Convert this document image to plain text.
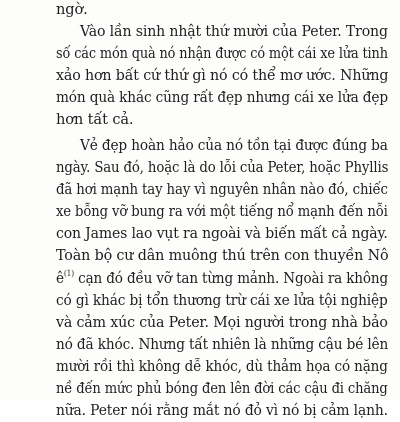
ngờ.
Vào lần sinh nhật thứ mười của Peter. Trong
số các món quà nó nhận được có một cái xe lửa tinh
xảo hơn bất cứ thứ gì nó có thể mơ ước. Những
món quà khác cũng rất đẹp nhưng cái xe lửa đẹp
hơn tất cả.
Vẻ đẹp hoàn hảo của nó tồn tại được đúng ba
ngày. Sau đó, hoặc là do lỗi của Peter, hoặc Phyllis
đã hơi mạnh tay hay vì nguyên nhân nào đó, chiếc
xe bỗng vỡ bung ra với một tiếng nổ mạnh đến nỗi
con James lao vụt ra ngoài và biến mất cả ngày.
Toàn bộ cư dân muông thú trên con thuyền Nô
ê$^{(1)}$ cạn đó đều vỡ tan từng mảnh. Ngoài ra không
có gì khác bị tổn thương trừ cái xe lửa tội nghiệp
và cảm xúc của Peter. Mọi người trong nhà bảo
nó đã khóc. Nhưng tất nhiên là những cậu bé lên
mười rồi thì không dễ khóc, dù thảm họa có nặng
nề đến mức phủ bóng đen lên đời các cậu đi chăng
nữa. Peter nói rằng mắt nó đỏ vì nó bị cảm lạnh.
